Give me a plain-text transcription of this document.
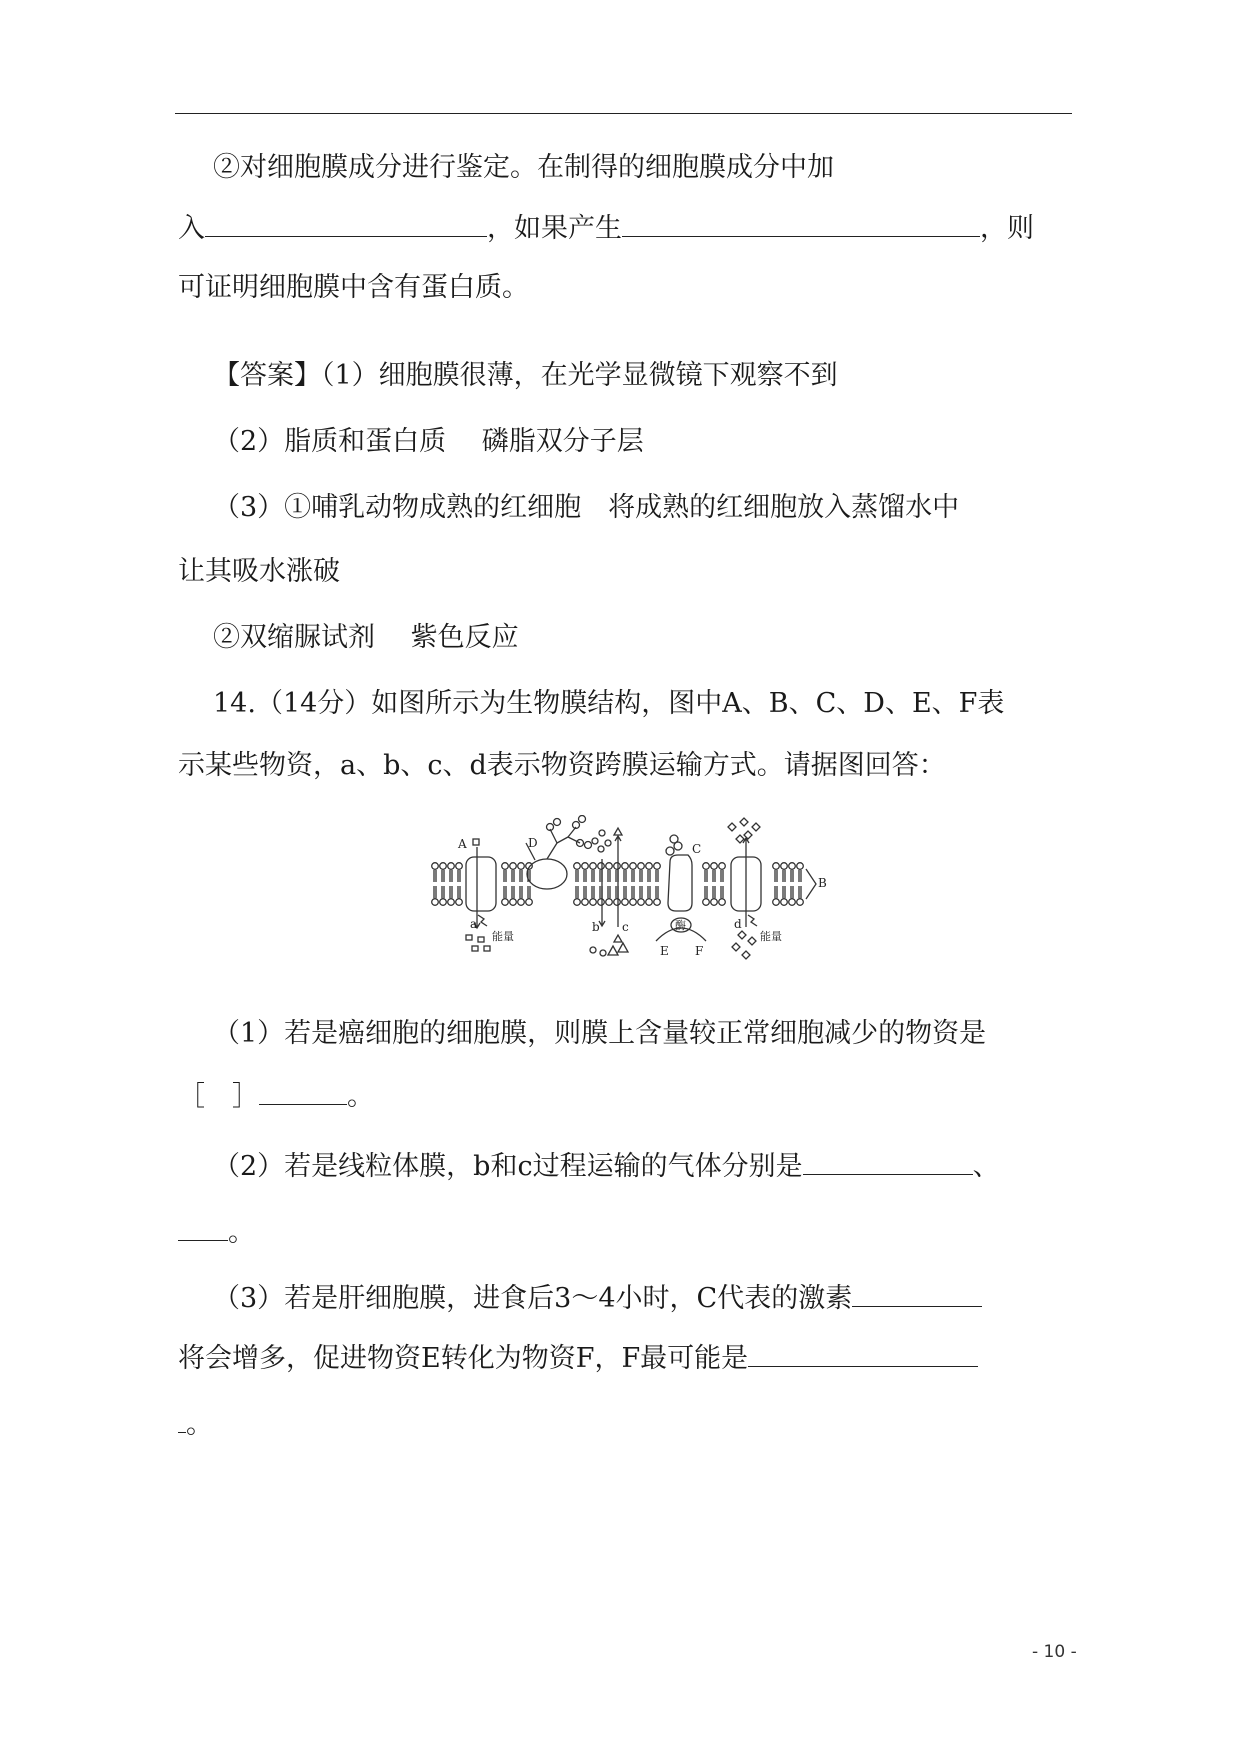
②对细胞膜成分进行鉴定。在制得的细胞膜成分中加
入	，如果产生	，则
可证明细胞膜中含有蛋白质。
【答案】（1）细胞膜很薄，在光学显微镜下观察不到
（2）脂质和蛋白质　 磷脂双分子层
（3）①哺乳动物成熟的红细胞　将成熟的红细胞放入蒸馏水中
让其吸水涨破
②双缩脲试剂　 紫色反应
14.（14分）如图所示为生物膜结构，图中A、B、C、D、E、F表
示某些物资，a、b、c、d表示物资跨膜运输方式。请据图回答：
A	D	C
B
a
能量
b c	酶
E F
d
能量
（1）若是癌细胞的细胞膜，则膜上含量较正常细胞减少的物资是
［　］	。
（2）若是线粒体膜，b和c过程运输的气体分别是	、
。
（3）若是肝细胞膜，进食后3～4小时，C代表的激素
将会增多，促进物资E转化为物资F，F最可能是
。
- 10 -
